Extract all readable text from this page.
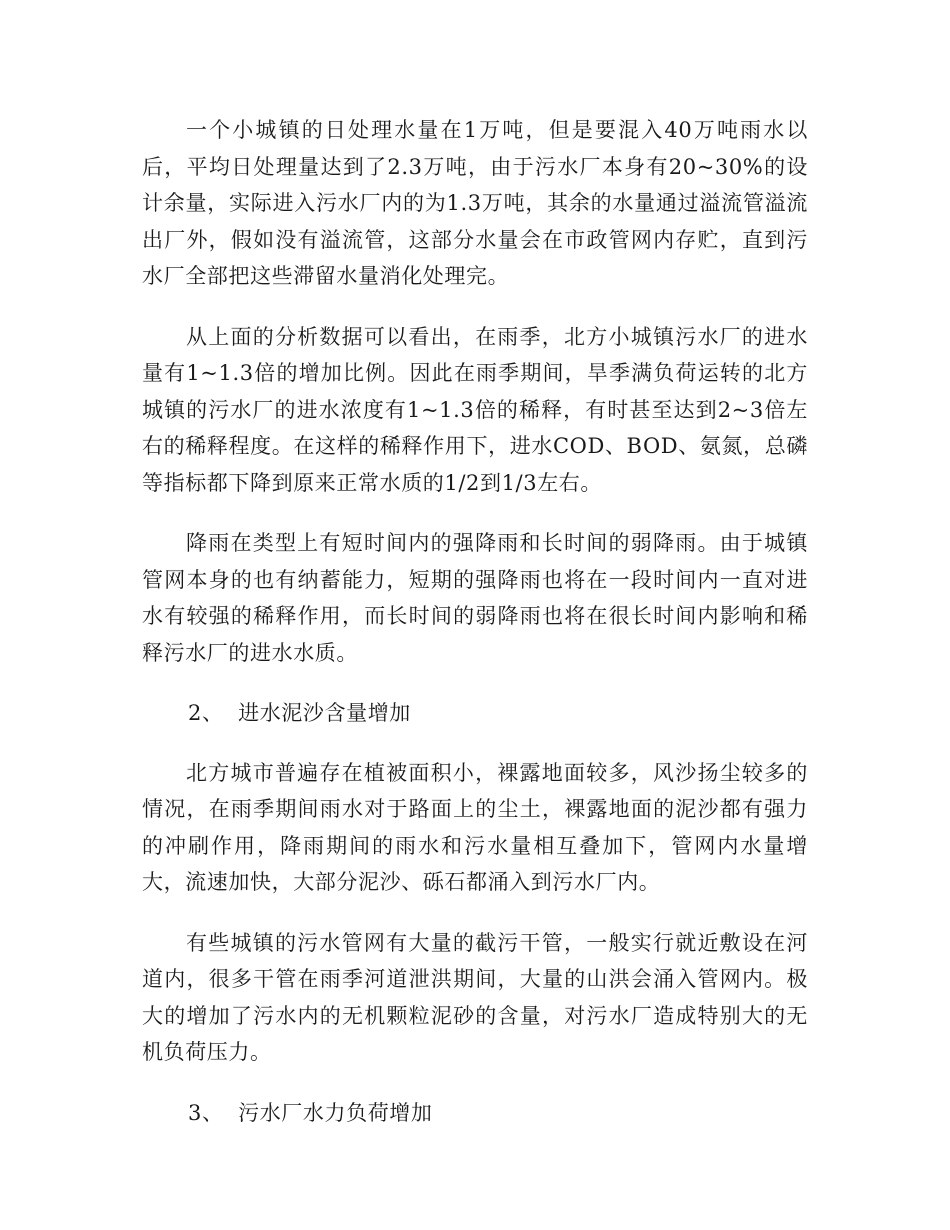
一个小城镇的日处理水量在1万吨，但是要混入40万吨雨水以后，平均日处理量达到了2.3万吨，由于污水厂本身有20~30%的设计余量，实际进入污水厂内的为1.3万吨，其余的水量通过溢流管溢流出厂外，假如没有溢流管，这部分水量会在市政管网内存贮，直到污水厂全部把这些滞留水量消化处理完。

从上面的分析数据可以看出，在雨季，北方小城镇污水厂的进水量有1~1.3倍的增加比例。因此在雨季期间，旱季满负荷运转的北方城镇的污水厂的进水浓度有1~1.3倍的稀释，有时甚至达到2~3倍左右的稀释程度。在这样的稀释作用下，进水COD、BOD、氨氮，总磷等指标都下降到原来正常水质的1/2到1/3左右。

降雨在类型上有短时间内的强降雨和长时间的弱降雨。由于城镇管网本身的也有纳蓄能力，短期的强降雨也将在一段时间内一直对进水有较强的稀释作用，而长时间的弱降雨也将在很长时间内影响和稀释污水厂的进水水质。

2、  进水泥沙含量增加

北方城市普遍存在植被面积小，裸露地面较多，风沙扬尘较多的情况，在雨季期间雨水对于路面上的尘土，裸露地面的泥沙都有强力的冲刷作用，降雨期间的雨水和污水量相互叠加下，管网内水量增大，流速加快，大部分泥沙、砾石都涌入到污水厂内。

有些城镇的污水管网有大量的截污干管，一般实行就近敷设在河道内，很多干管在雨季河道泄洪期间，大量的山洪会涌入管网内。极大的增加了污水内的无机颗粒泥砂的含量，对污水厂造成特别大的无机负荷压力。

3、  污水厂水力负荷增加
